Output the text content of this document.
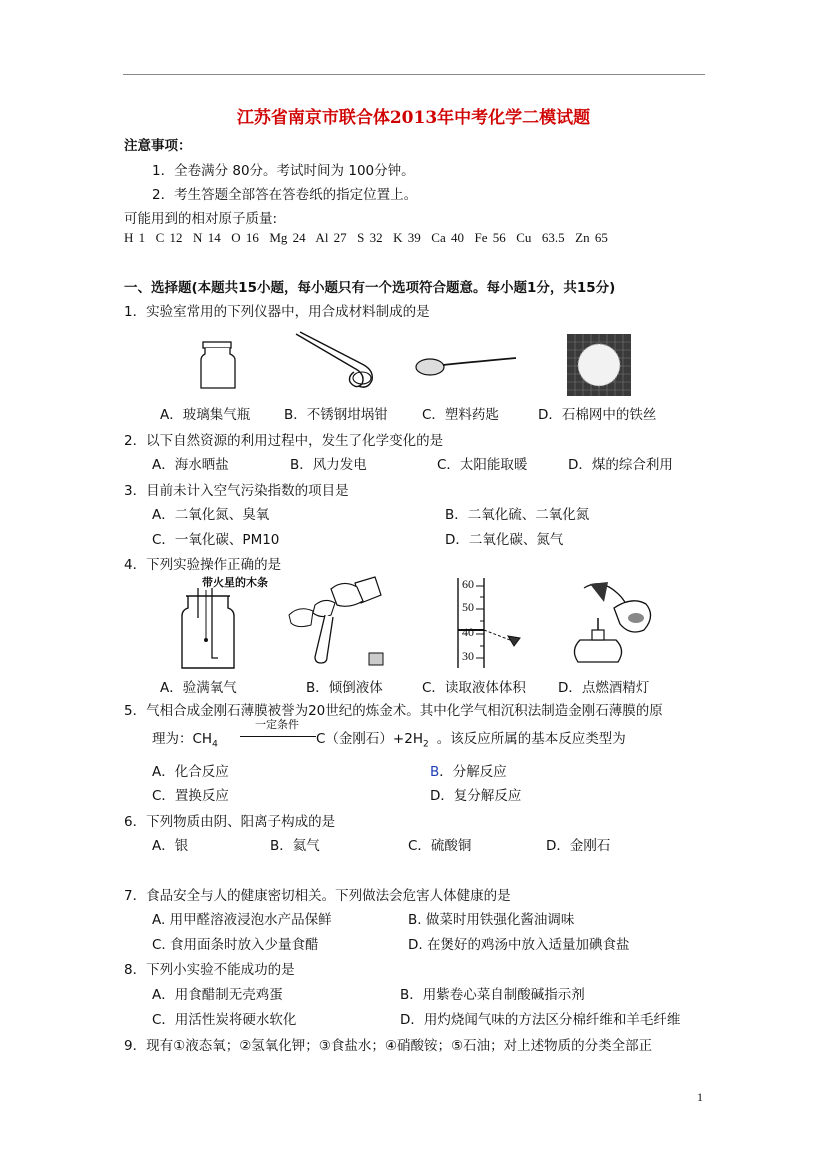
江苏省南京市联合体2013年中考化学二模试题
注意事项：
1．全卷满分 80分。考试时间为 100分钟。
2．考生答题全部答在答卷纸的指定位置上。
可能用到的相对原子质量:
H 1  C 12  N 14  O 16  Mg 24  Al 27  S 32  K 39  Ca 40  Fe 56  Cu  63.5  Zn 65
一、选择题(本题共15小题，每小题只有一个选项符合题意。每小题1分，共15分)
1．实验室常用的下列仪器中，用合成材料制成的是
A．玻璃集气瓶	B．不锈钢坩埚钳	C．塑料药匙	D．石棉网中的铁丝
2．以下自然资源的利用过程中，发生了化学变化的是
A．海水晒盐	B．风力发电	C．太阳能取暖	D．煤的综合利用
3．目前未计入空气污染指数的项目是
A．二氧化氮、臭氧	B．二氧化硫、二氧化氮
C．一氧化碳、PM10	D．二氧化碳、氮气
4．下列实验操作正确的是
带火星的木条	60
50
40
30
A．验满氧气	B．倾倒液体	C．读取液体体积 D．点燃酒精灯
5．气相合成金刚石薄膜被誉为20世纪的炼金术。其中化学气相沉积法制造金刚石薄膜的原
理为：$CH_4$
一定条件
C（金刚石）$+2H_2$ 。该反应所属的基本反应类型为
A．化合反应	B．分解反应
C．置换反应	D．复分解反应
6．下列物质由阴、阳离子构成的是
A．银	B．氦气	C．硫酸铜	D．金刚石
7．食品安全与人的健康密切相关。下列做法会危害人体健康的是
A. 用甲醛溶液浸泡水产品保鲜	B. 做菜时用铁强化酱油调味
C. 食用面条时放入少量食醋	D. 在煲好的鸡汤中放入适量加碘食盐
8．下列小实验不能成功的是
A．用食醋制无壳鸡蛋	B．用紫卷心菜自制酸碱指示剂
C．用活性炭将硬水软化	D．用灼烧闻气味的方法区分棉纤维和羊毛纤维
9．现有①液态氧；②氢氧化钾；③食盐水；④硝酸铵；⑤石油；对上述物质的分类全部正
1
